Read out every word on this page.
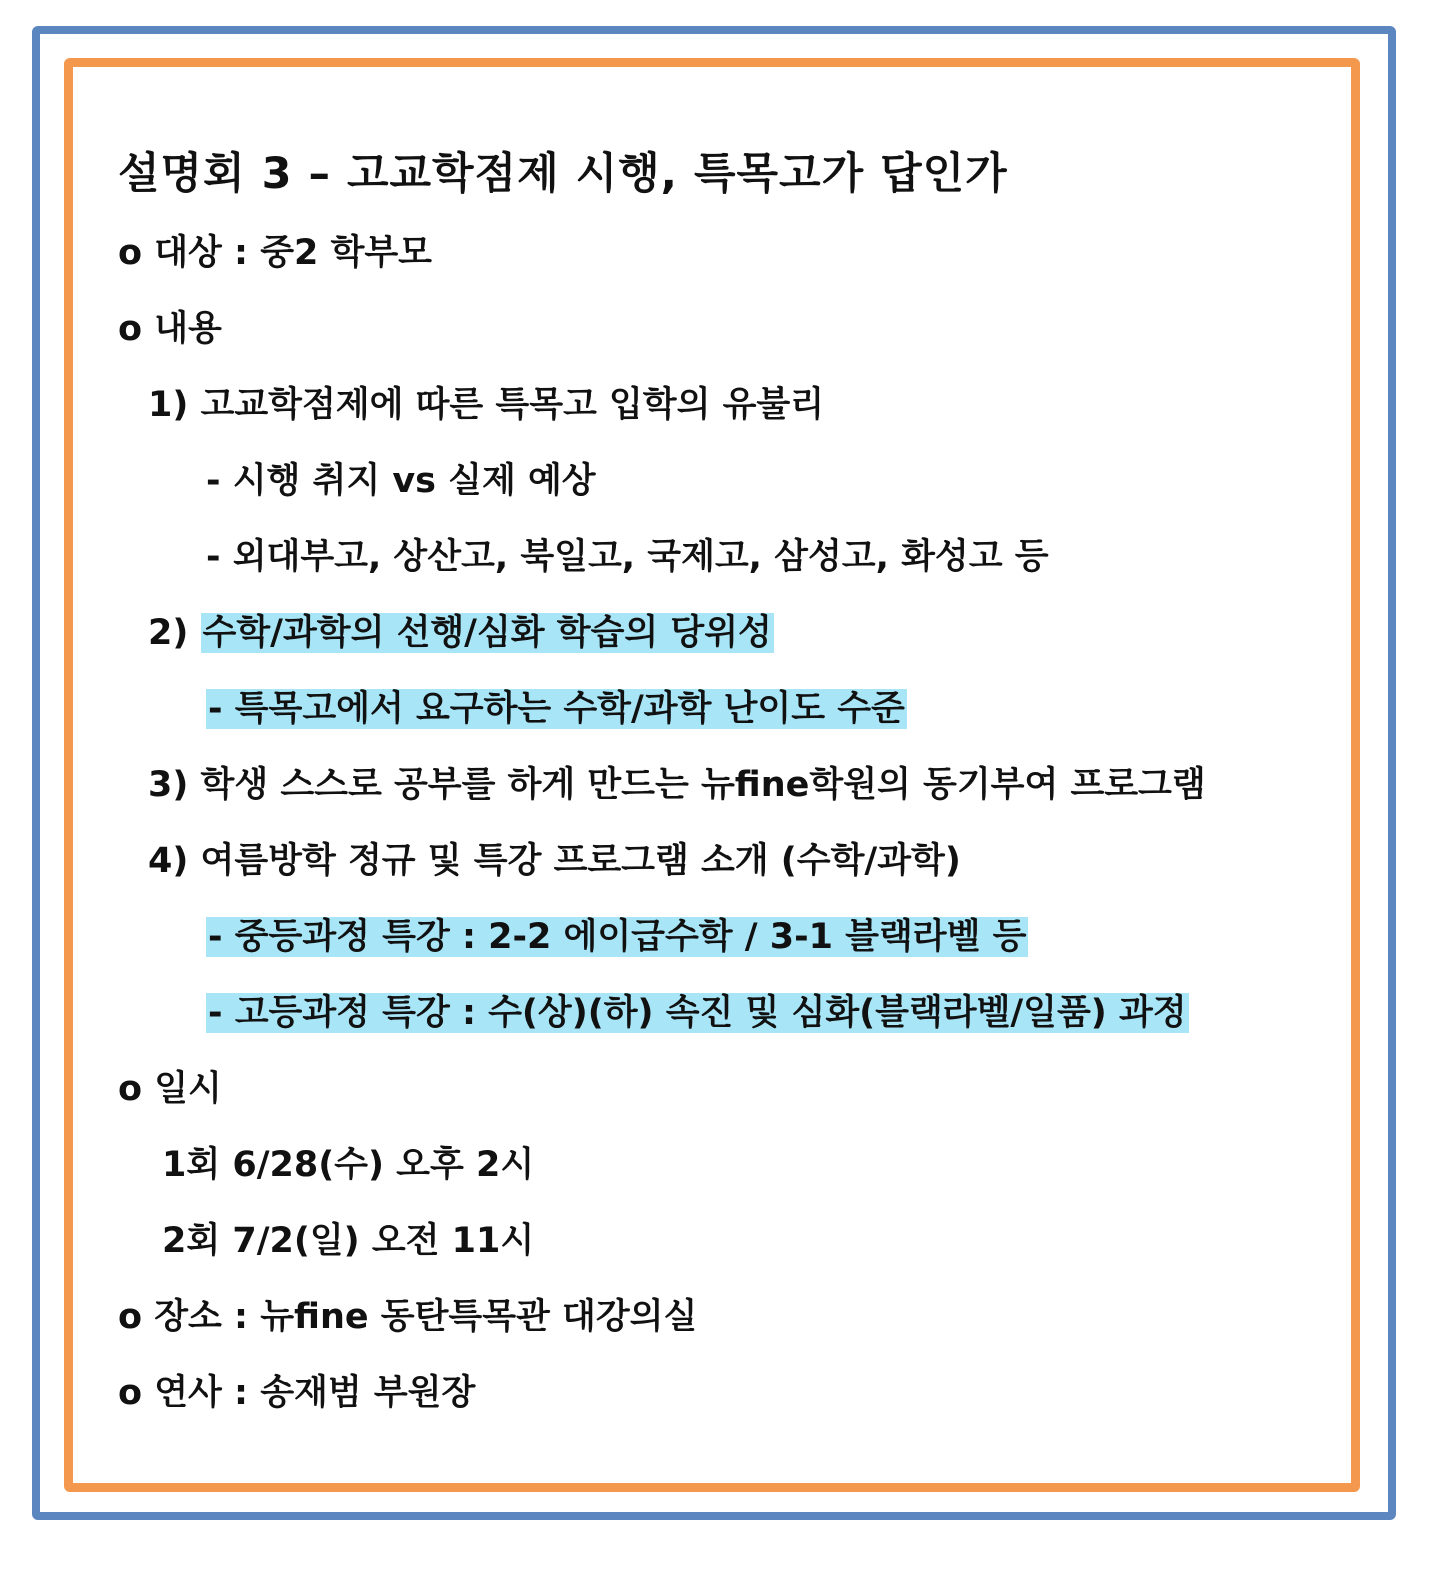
설명회 3 – 고교학점제 시행, 특목고가 답인가
o 대상 : 중2 학부모
o 내용
1) 고교학점제에 따른 특목고 입학의 유불리
- 시행 취지 vs 실제 예상
- 외대부고, 상산고, 북일고, 국제고, 삼성고, 화성고 등
2) 수학/과학의 선행/심화 학습의 당위성
- 특목고에서 요구하는 수학/과학 난이도 수준
3) 학생 스스로 공부를 하게 만드는 뉴fine학원의 동기부여 프로그램
4) 여름방학 정규 및 특강 프로그램 소개 (수학/과학)
- 중등과정 특강 : 2-2 에이급수학 / 3-1 블랙라벨 등
- 고등과정 특강 : 수(상)(하) 속진 및 심화(블랙라벨/일품) 과정
o 일시
1회 6/28(수) 오후 2시
2회 7/2(일) 오전 11시
o 장소 : 뉴fine 동탄특목관 대강의실
o 연사 : 송재범 부원장
